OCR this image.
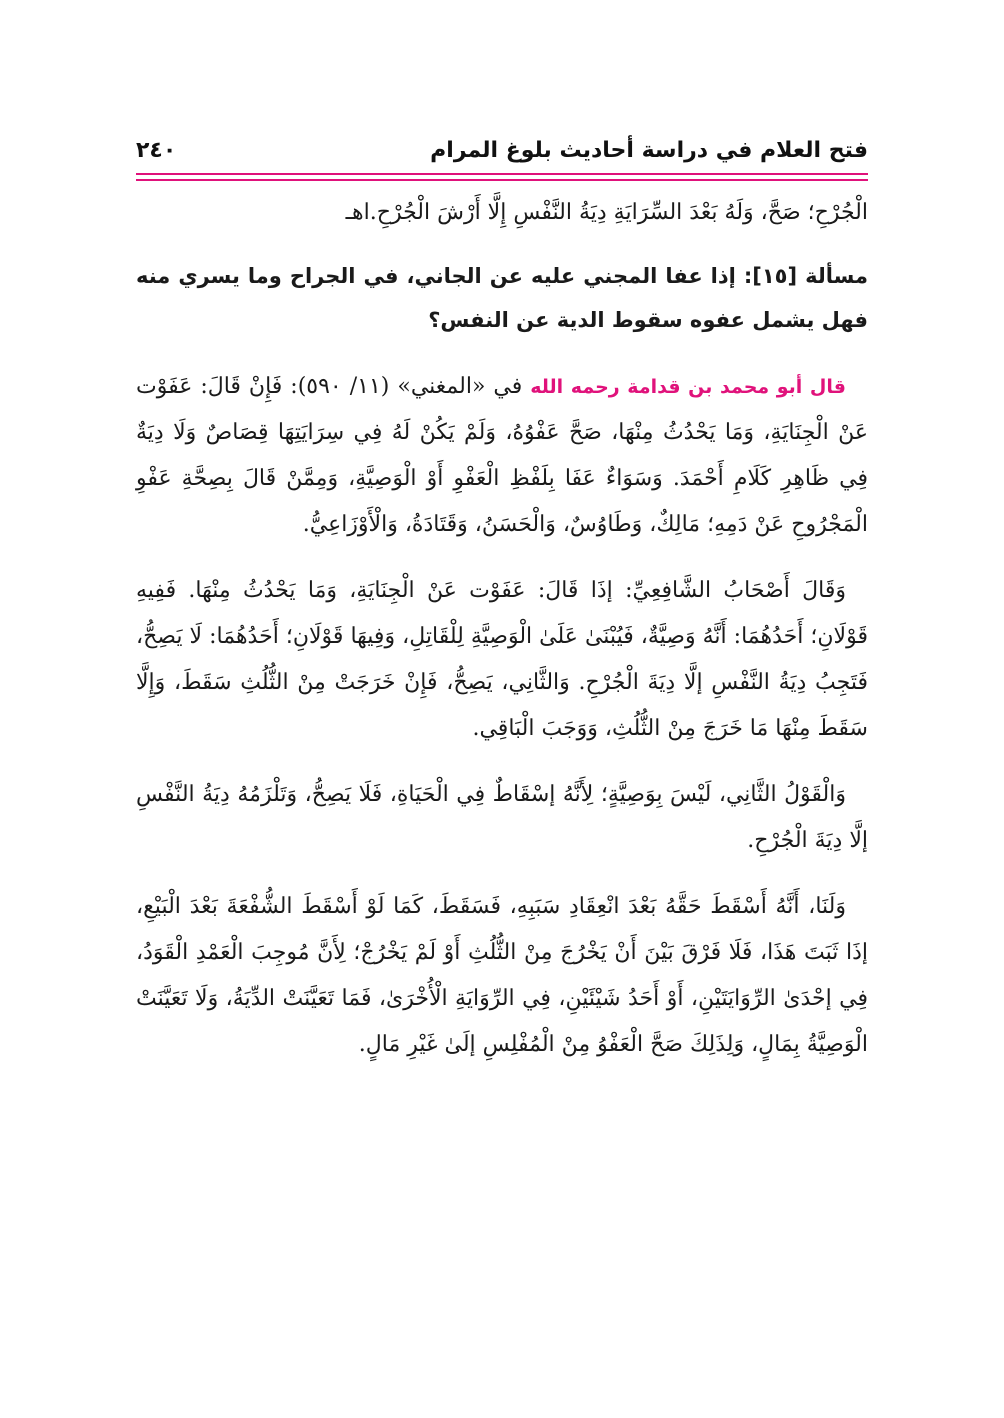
فتح العلام في دراسة أحاديث بلوغ المرام
٢٤٠

الْجُرْحِ؛ صَحَّ، وَلَهُ بَعْدَ السِّرَايَةِ دِيَةُ النَّفْسِ إِلَّا أَرْشَ الْجُرْحِ.اهـ

مسألة [١٥]: إذا عفا المجني عليه عن الجاني، في الجراح وما يسري منه فهل يشمل عفوه سقوط الدية عن النفس؟

قال أبو محمد بن قدامة رحمه الله في «المغني» (١١/ ٥٩٠): فَإِنْ قَالَ: عَفَوْت عَنْ الْجِنَايَةِ، وَمَا يَحْدُثُ مِنْهَا، صَحَّ عَفْوُهُ، وَلَمْ يَكُنْ لَهُ فِي سِرَايَتِهَا قِصَاصٌ وَلَا دِيَةٌ فِي ظَاهِرِ كَلَامِ أَحْمَدَ. وَسَوَاءٌ عَفَا بِلَفْظِ الْعَفْوِ أَوْ الْوَصِيَّةِ، وَمِمَّنْ قَالَ بِصِحَّةِ عَفْوِ الْمَجْرُوحِ عَنْ دَمِهِ؛ مَالِكٌ، وَطَاوُسٌ، وَالْحَسَنُ، وَقَتَادَةُ، وَالْأَوْزَاعِيُّ.

وَقَالَ أَصْحَابُ الشَّافِعِيِّ: إذَا قَالَ: عَفَوْت عَنْ الْجِنَايَةِ، وَمَا يَحْدُثُ مِنْهَا. فَفِيهِ قَوْلَانِ؛ أَحَدُهُمَا: أَنَّهُ وَصِيَّةٌ، فَيُبْنَىٰ عَلَىٰ الْوَصِيَّةِ لِلْقَاتِلِ، وَفِيهَا قَوْلَانِ؛ أَحَدُهُمَا: لَا يَصِحُّ، فَتَجِبُ دِيَةُ النَّفْسِ إلَّا دِيَةَ الْجُرْحِ. وَالثَّانِي، يَصِحُّ، فَإِنْ خَرَجَتْ مِنْ الثُّلُثِ سَقَطَ، وَإِلَّا سَقَطَ مِنْهَا مَا خَرَجَ مِنْ الثُّلُثِ، وَوَجَبَ الْبَاقِي.

وَالْقَوْلُ الثَّانِي، لَيْسَ بِوَصِيَّةٍ؛ لِأَنَّهُ إسْقَاطٌ فِي الْحَيَاةِ، فَلَا يَصِحُّ، وَتَلْزَمُهُ دِيَةُ النَّفْسِ إلَّا دِيَةَ الْجُرْحِ.

وَلَنَا، أَنَّهُ أَسْقَطَ حَقَّهُ بَعْدَ انْعِقَادِ سَبَبِهِ، فَسَقَطَ، كَمَا لَوْ أَسْقَطَ الشُّفْعَةَ بَعْدَ الْبَيْعِ، إذَا ثَبَتَ هَذَا، فَلَا فَرْقَ بَيْنَ أَنْ يَخْرُجَ مِنْ الثُّلُثِ أَوْ لَمْ يَخْرُجْ؛ لِأَنَّ مُوجِبَ الْعَمْدِ الْقَوَدُ، فِي إحْدَىٰ الرِّوَايَتَيْنِ، أَوْ أَحَدُ شَيْئَيْنِ، فِي الرِّوَايَةِ الْأُخْرَىٰ، فَمَا تَعَيَّنَتْ الدِّيَةُ، وَلَا تَعَيَّنَتْ الْوَصِيَّةُ بِمَالٍ، وَلِذَلِكَ صَحَّ الْعَفْوُ مِنْ الْمُفْلِسِ إلَىٰ غَيْرِ مَالٍ.
